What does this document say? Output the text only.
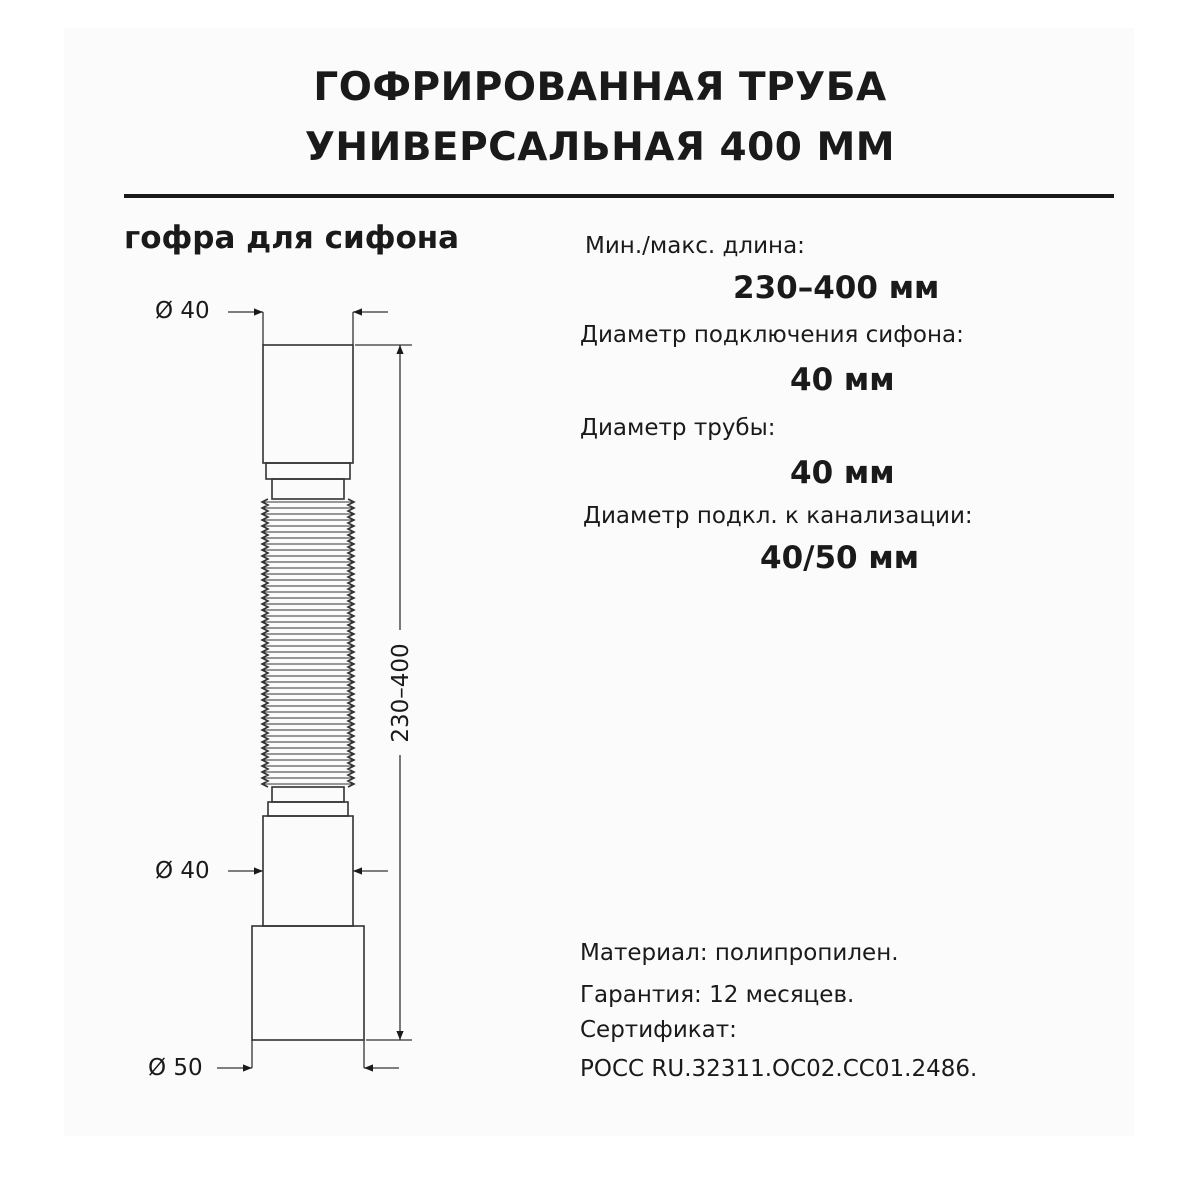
ГОФРИРОВАННАЯ ТРУБА
УНИВЕРСАЛЬНАЯ 400 ММ
гофра для сифона	Мин./макс. длина:
230–400 мм
Диаметр подключения сифона:
40 мм
Диаметр трубы:
40 мм
Диаметр подкл. к канализации:
40/50 мм
Материал: полипропилен.
Гарантия: 12 месяцев.
Сертификат:
РОСС RU.32311.ОС02.СС01.2486.
Ø 40
Ø 40
Ø 50
230–400
